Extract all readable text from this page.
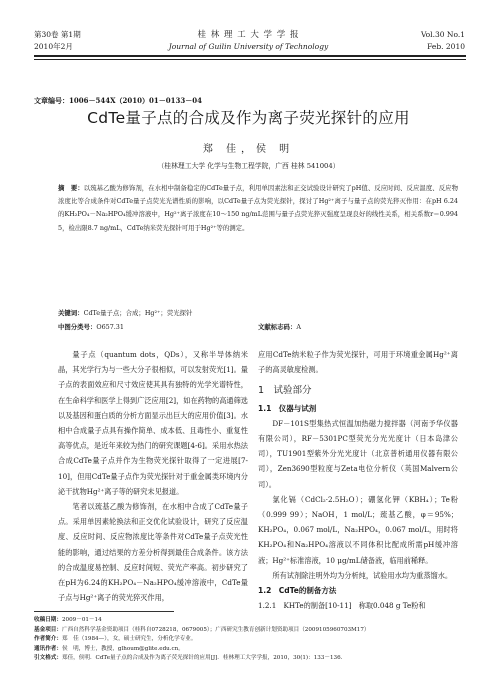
第30卷 第1期
2010年2月
桂 林 理 工 大 学 学 报
Journal of Guilin University of Technology
Vol.30 No.1
Feb. 2010
文章编号：1006－544X（2010）01－0133－04
CdTe量子点的合成及作为离子荧光探针的应用
郑 佳，侯 明
（桂林理工大学 化学与生物工程学院，广西 桂林 541004）
摘　要：以巯基乙酸为修饰剂，在水相中制备稳定的CdTe量子点，利用单因素法和正交试验设计研究了pH值、反应时间、反应温度、反应物浓度比等合成条件对CdTe量子点荧光光谱性质的影响，以CdTe量子点为荧光探针，探讨了Hg²⁺离子与量子点的荧光猝灭作用：在pH 6.24的KH₂PO₄－Na₂HPO₄缓冲溶液中，Hg²⁺离子浓度在10～150 ng/mL范围与量子点荧光猝灭强度呈现良好的线性关系，相关系数r＝0.994 5，检出限8.7 ng/mL，CdTe纳米荧光探针可用于Hg²⁺等的测定。
关键词：CdTe量子点；合成；Hg²⁺；荧光探针
中图分类号：O657.31	文献标志码：A

量子点（quantum dots，QDs），又称半导体纳米晶，其光学行为与一些大分子很相似，可以发射荧光[1]。量子点的表面效应和尺寸效应使其具有独特的光学光谱特性，在生命科学和医学上得到广泛应用[2]，如在药物的高通筛选以及基因和蛋白质的分析方面显示出巨大的应用价值[3]。水相中合成量子点具有操作简单、成本低、且毒性小、重复性高等优点，是近年来较为热门的研究课题[4-6]。采用水热法合成CdTe量子点并作为生物荧光探针取得了一定进展[7-10]，但用CdTe量子点作为荧光探针对于重金属类环境内分泌干扰物Hg²⁺离子等的研究未见报道。

笔者以巯基乙酸为修饰剂，在水相中合成了CdTe量子点。采用单因素轮换法和正交优化试验设计，研究了反应温度、反应时间、反应物浓度比等条件对CdTe量子点荧光性能的影响，通过结果的方差分析得到最佳合成条件。该方法的合成温度易控制、反应时间短、荧光产率高。初步研究了在pH为6.24的KH₂PO₄－Na₂HPO₄缓冲溶液中，CdTe量子点与Hg²⁺离子的荧光猝灭作用，

应用CdTe纳米粒子作为荧光探针，可用于环境重金属Hg²⁺离子的高灵敏度检测。

1　试验部分

1.1　仪器与试剂

DF－101S型集热式恒温加热磁力搅拌器（河南予华仪器有限公司），RF－5301PC型荧光分光光度计（日本岛津公司），TU1901型紫外分光光度计（北京普析通用仪器有限公司），Zen3690型粒度与Zeta电位分析仪（英国Malvern公司）。

氯化镉（CdCl₂·2.5H₂O）；硼氢化钾（KBH₄）；Te粉（0.999 99）；NaOH，1 mol/L；巯基乙酸，φ＝95%；KH₂PO₄，0.067 mol/L，Na₂HPO₄，0.067 mol/L，用时将KH₂PO₄和Na₂HPO₄溶液以不同体积比配成所需pH缓冲溶液；Hg²⁺标准溶液，10 μg/mL储备液，临用前稀释。

所有试剂除注明外均为分析纯，试验用水均为重蒸馏水。

1.2　CdTe的制备方法

1.2.1　KHTe的制备[10-11]　称取0.048 g Te粉和

收稿日期：2009－01－14
基金项目：广西自然科学基金资助项目（桂科自0728218，0679005）；广西研究生教育创新计划资助项目（2009105960703M17）
作者简介：郑　佳（1984—），女，硕士研究生，分析化学专业。
通讯作者：侯　明，博士，教授，glhoum@glite.edu.cn。
引文格式：郑佳，侯明．CdTe量子点的合成及作为离子荧光探针的应用[J]．桂林理工大学学报，2010，30(1)：133－136.
